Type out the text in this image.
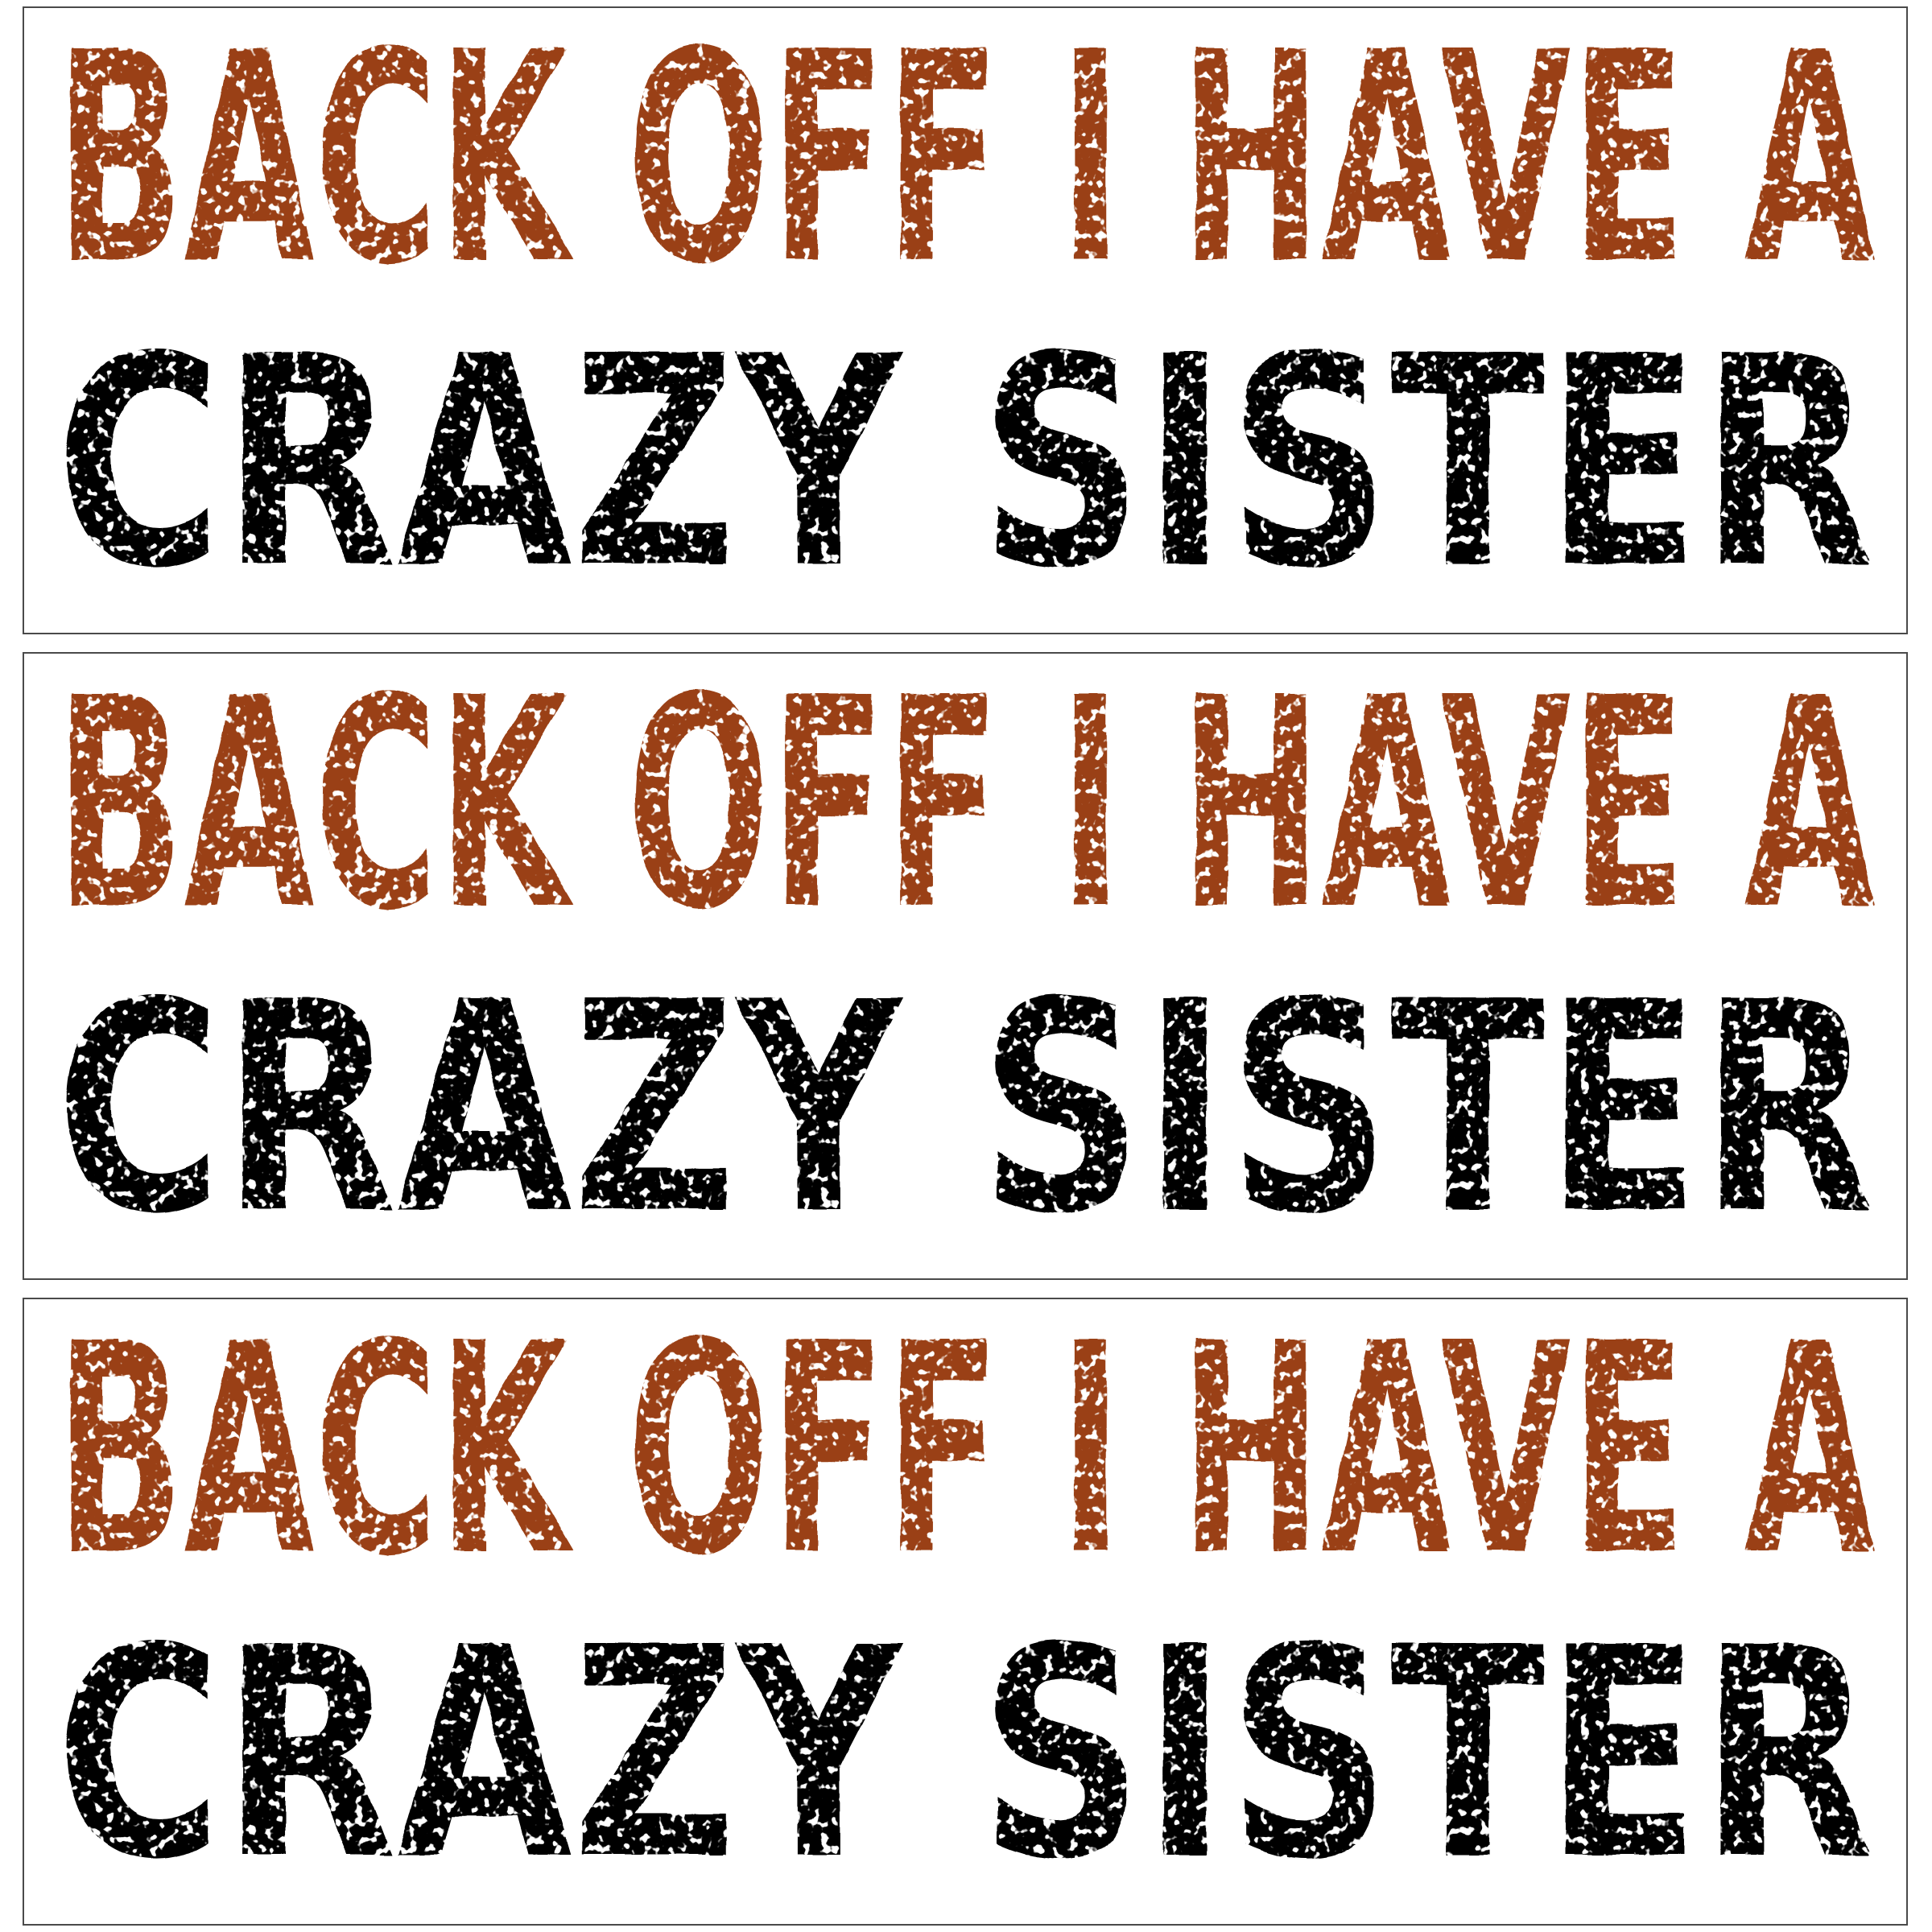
BACK OFF I HAVE A
CRAZY SISTER
BACK OFF I HAVE A
CRAZY SISTER
BACK OFF I HAVE A
CRAZY SISTER
